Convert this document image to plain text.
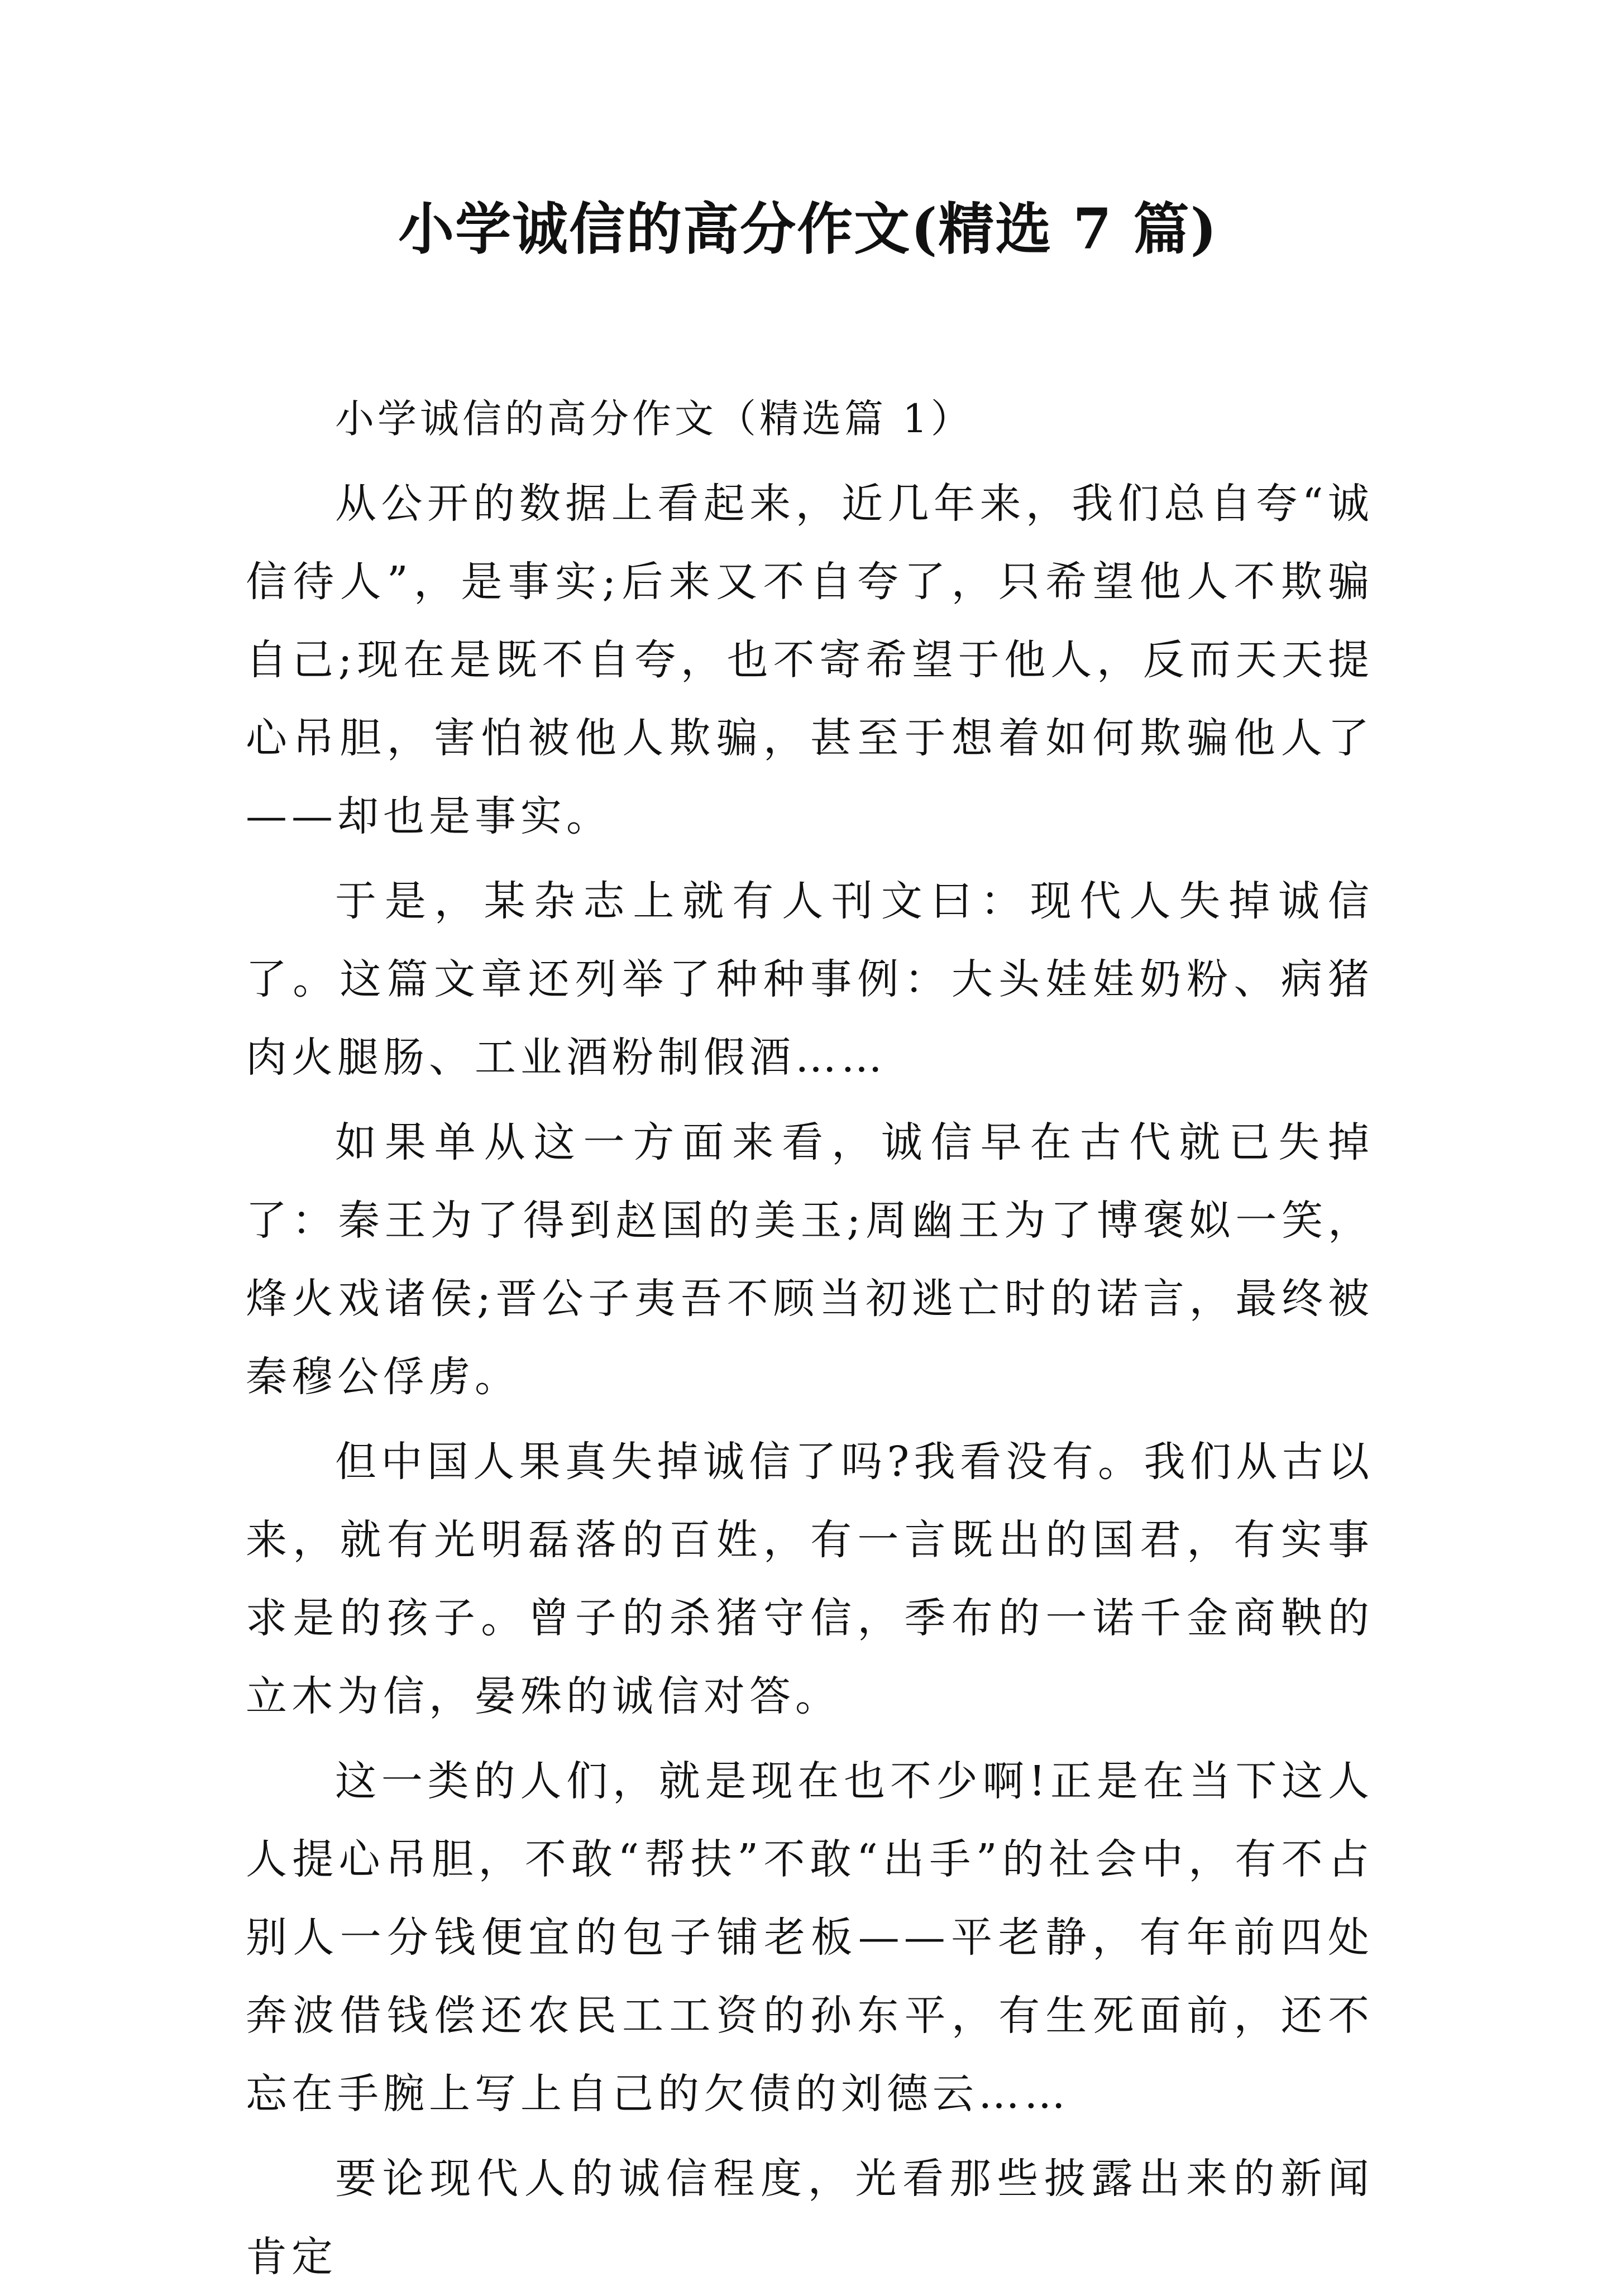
小学诚信的高分作文(精选 7 篇)

小学诚信的高分作文（精选篇 1）

从公开的数据上看起来，近几年来，我们总自夸“诚信待人”，是事实;后来又不自夸了，只希望他人不欺骗自己;现在是既不自夸，也不寄希望于他人，反而天天提心吊胆，害怕被他人欺骗，甚至于想着如何欺骗他人了——却也是事实。

于是，某杂志上就有人刊文曰：现代人失掉诚信了。这篇文章还列举了种种事例：大头娃娃奶粉、病猪肉火腿肠、工业酒粉制假酒……

如果单从这一方面来看，诚信早在古代就已失掉了：秦王为了得到赵国的美玉;周幽王为了博褒姒一笑，烽火戏诸侯;晋公子夷吾不顾当初逃亡时的诺言，最终被秦穆公俘虏。

但中国人果真失掉诚信了吗?我看没有。我们从古以来，就有光明磊落的百姓，有一言既出的国君，有实事求是的孩子。曾子的杀猪守信，季布的一诺千金商鞅的立木为信，晏殊的诚信对答。

这一类的人们，就是现在也不少啊!正是在当下这人人提心吊胆，不敢“帮扶”不敢“出手”的社会中，有不占别人一分钱便宜的包子铺老板——平老静，有年前四处奔波借钱偿还农民工工资的孙东平，有生死面前，还不忘在手腕上写上自己的欠债的刘德云……

要论现代人的诚信程度，光看那些披露出来的新闻肯定
